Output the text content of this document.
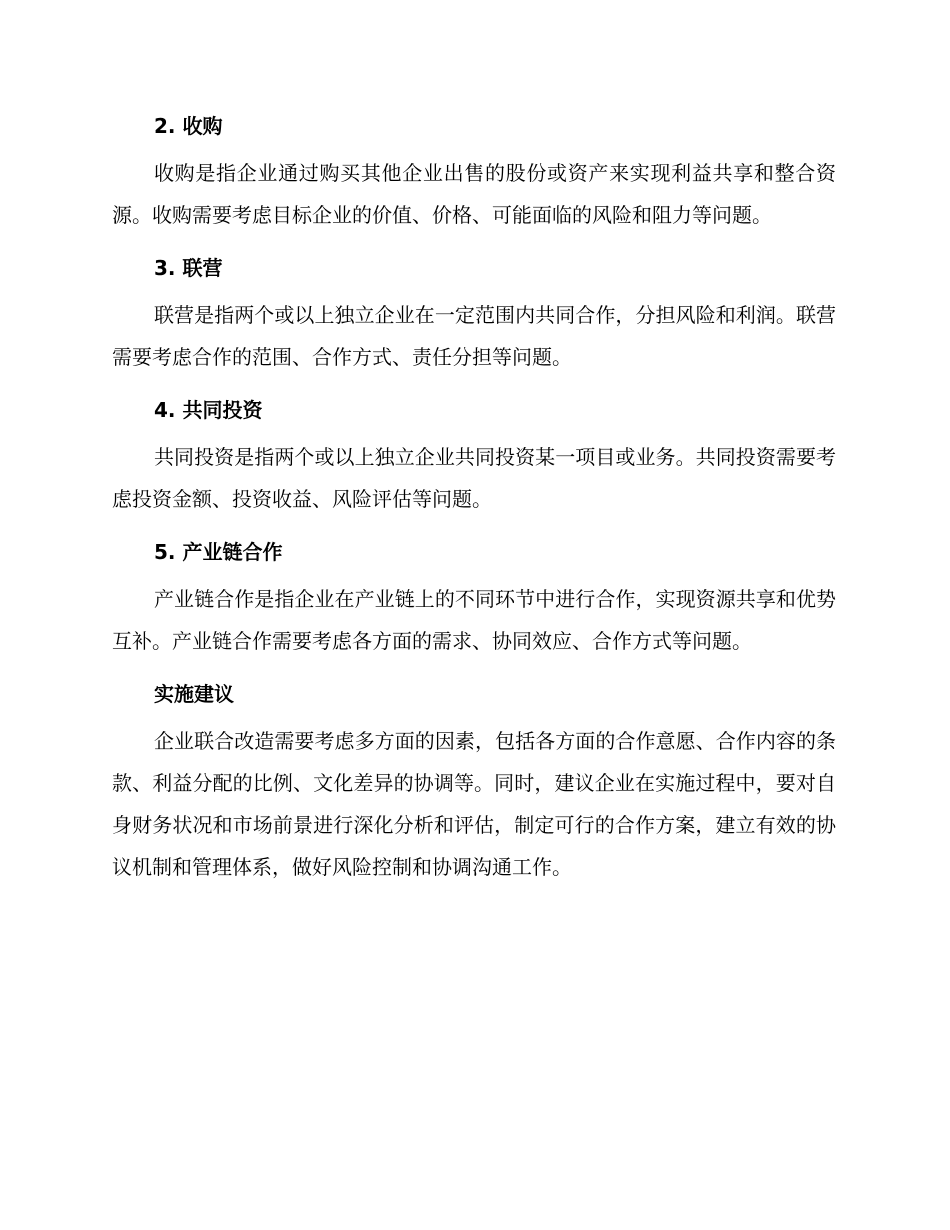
2. 收购

收购是指企业通过购买其他企业出售的股份或资产来实现利益共享和整合资源。收购需要考虑目标企业的价值、价格、可能面临的风险和阻力等问题。

3. 联营

联营是指两个或以上独立企业在一定范围内共同合作，分担风险和利润。联营需要考虑合作的范围、合作方式、责任分担等问题。

4. 共同投资

共同投资是指两个或以上独立企业共同投资某一项目或业务。共同投资需要考虑投资金额、投资收益、风险评估等问题。

5. 产业链合作

产业链合作是指企业在产业链上的不同环节中进行合作，实现资源共享和优势互补。产业链合作需要考虑各方面的需求、协同效应、合作方式等问题。

实施建议

企业联合改造需要考虑多方面的因素，包括各方面的合作意愿、合作内容的条款、利益分配的比例、文化差异的协调等。同时，建议企业在实施过程中，要对自身财务状况和市场前景进行深化分析和评估，制定可行的合作方案，建立有效的协议机制和管理体系，做好风险控制和协调沟通工作。
